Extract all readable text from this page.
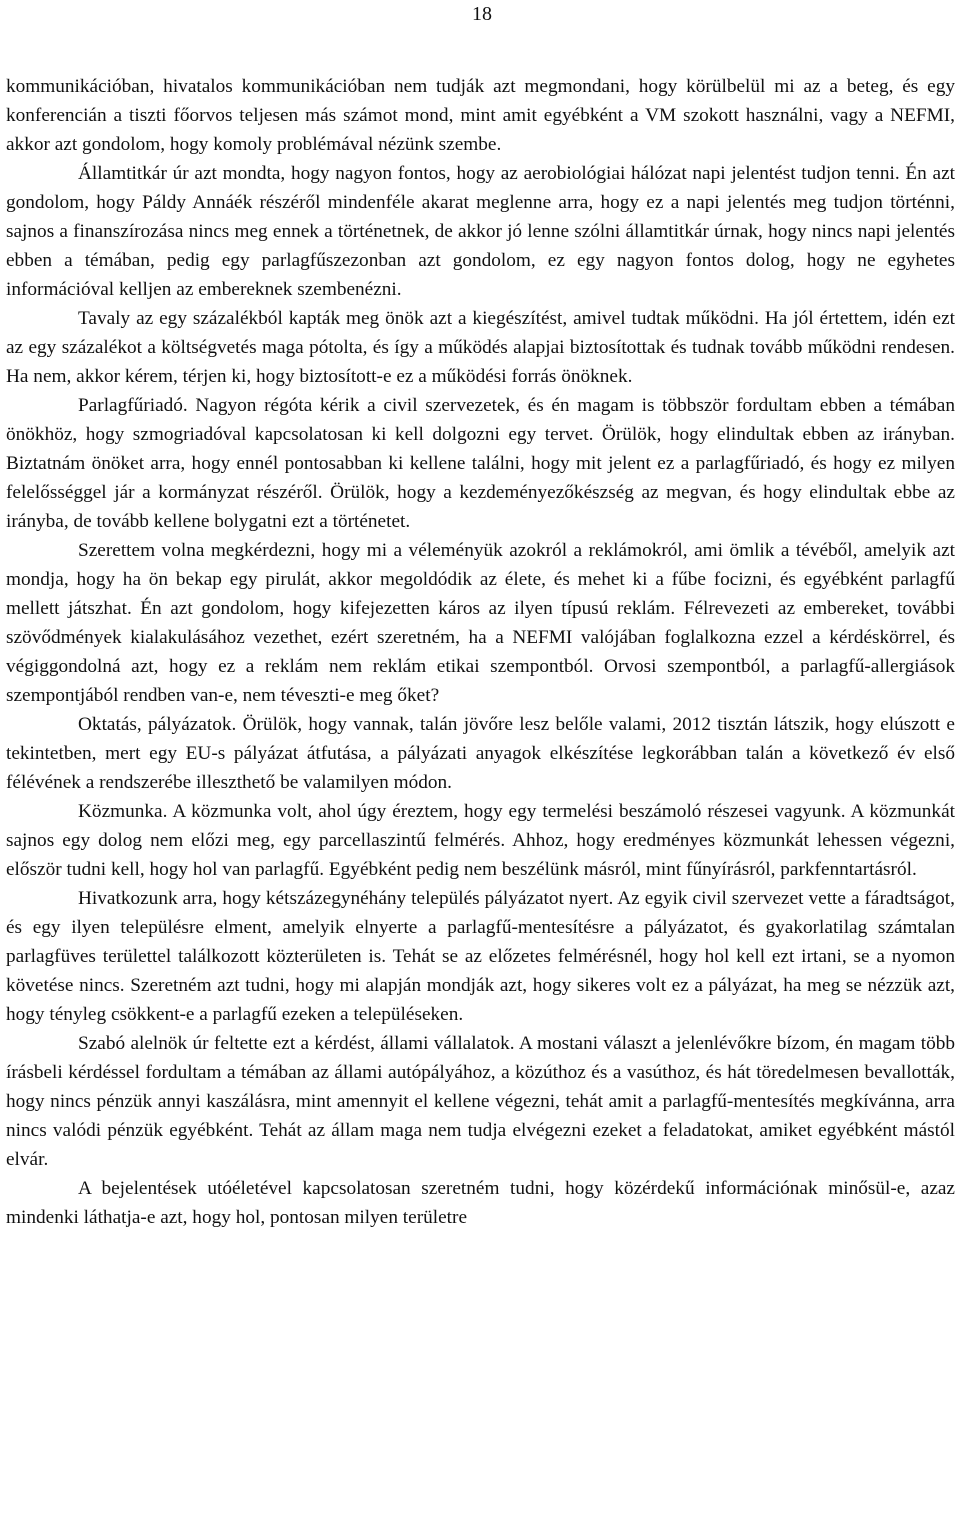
18

kommunikációban, hivatalos kommunikációban nem tudják azt megmondani, hogy körülbelül mi az a beteg, és egy konferencián a tiszti főorvos teljesen más számot mond, mint amit egyébként a VM szokott használni, vagy a NEFMI, akkor azt gondolom, hogy komoly problémával nézünk szembe.

Államtitkár úr azt mondta, hogy nagyon fontos, hogy az aerobiológiai hálózat napi jelentést tudjon tenni. Én azt gondolom, hogy Páldy Annáék részéről mindenféle akarat meglenne arra, hogy ez a napi jelentés meg tudjon történni, sajnos a finanszírozása nincs meg ennek a történetnek, de akkor jó lenne szólni államtitkár úrnak, hogy nincs napi jelentés ebben a témában, pedig egy parlagfűszezonban azt gondolom, ez egy nagyon fontos dolog, hogy ne egyhetes információval kelljen az embereknek szembenézni.

Tavaly az egy százalékból kapták meg önök azt a kiegészítést, amivel tudtak működni. Ha jól értettem, idén ezt az egy százalékot a költségvetés maga pótolta, és így a működés alapjai biztosítottak és tudnak tovább működni rendesen. Ha nem, akkor kérem, térjen ki, hogy biztosított-e ez a működési forrás önöknek.

Parlagfűriadó. Nagyon régóta kérik a civil szervezetek, és én magam is többször fordultam ebben a témában önökhöz, hogy szmogriadóval kapcsolatosan ki kell dolgozni egy tervet. Örülök, hogy elindultak ebben az irányban. Biztatnám önöket arra, hogy ennél pontosabban ki kellene találni, hogy mit jelent ez a parlagfűriadó, és hogy ez milyen felelősséggel jár a kormányzat részéről. Örülök, hogy a kezdeményezőkészség az megvan, és hogy elindultak ebbe az irányba, de tovább kellene bolygatni ezt a történetet.

Szerettem volna megkérdezni, hogy mi a véleményük azokról a reklámokról, ami ömlik a tévéből, amelyik azt mondja, hogy ha ön bekap egy pirulát, akkor megoldódik az élete, és mehet ki a fűbe focizni, és egyébként parlagfű mellett játszhat. Én azt gondolom, hogy kifejezetten káros az ilyen típusú reklám. Félrevezeti az embereket, további szövődmények kialakulásához vezethet, ezért szeretném, ha a NEFMI valójában foglalkozna ezzel a kérdéskörrel, és végiggondolná azt, hogy ez a reklám nem reklám etikai szempontból. Orvosi szempontból, a parlagfű-allergiások szempontjából rendben van-e, nem téveszti-e meg őket?

Oktatás, pályázatok. Örülök, hogy vannak, talán jövőre lesz belőle valami, 2012 tisztán látszik, hogy elúszott e tekintetben, mert egy EU-s pályázat átfutása, a pályázati anyagok elkészítése legkorábban talán a következő év első félévének a rendszerébe illeszthető be valamilyen módon.

Közmunka. A közmunka volt, ahol úgy éreztem, hogy egy termelési beszámoló részesei vagyunk. A közmunkát sajnos egy dolog nem előzi meg, egy parcellaszintű felmérés. Ahhoz, hogy eredményes közmunkát lehessen végezni, először tudni kell, hogy hol van parlagfű. Egyébként pedig nem beszélünk másról, mint fűnyírásról, parkfenntartásról.

Hivatkozunk arra, hogy kétszázegynéhány település pályázatot nyert. Az egyik civil szervezet vette a fáradtságot, és egy ilyen településre elment, amelyik elnyerte a parlagfű-mentesítésre a pályázatot, és gyakorlatilag számtalan parlagfüves területtel találkozott közterületen is. Tehát se az előzetes felmérésnél, hogy hol kell ezt irtani, se a nyomon követése nincs. Szeretném azt tudni, hogy mi alapján mondják azt, hogy sikeres volt ez a pályázat, ha meg se nézzük azt, hogy tényleg csökkent-e a parlagfű ezeken a településeken.

Szabó alelnök úr feltette ezt a kérdést, állami vállalatok. A mostani választ a jelenlévőkre bízom, én magam több írásbeli kérdéssel fordultam a témában az állami autópályához, a közúthoz és a vasúthoz, és hát töredelmesen bevallották, hogy nincs pénzük annyi kaszálásra, mint amennyit el kellene végezni, tehát amit a parlagfű-mentesítés megkívánna, arra nincs valódi pénzük egyébként. Tehát az állam maga nem tudja elvégezni ezeket a feladatokat, amiket egyébként mástól elvár.

A bejelentések utóéletével kapcsolatosan szeretném tudni, hogy közérdekű információnak minősül-e, azaz mindenki láthatja-e azt, hogy hol, pontosan milyen területre
